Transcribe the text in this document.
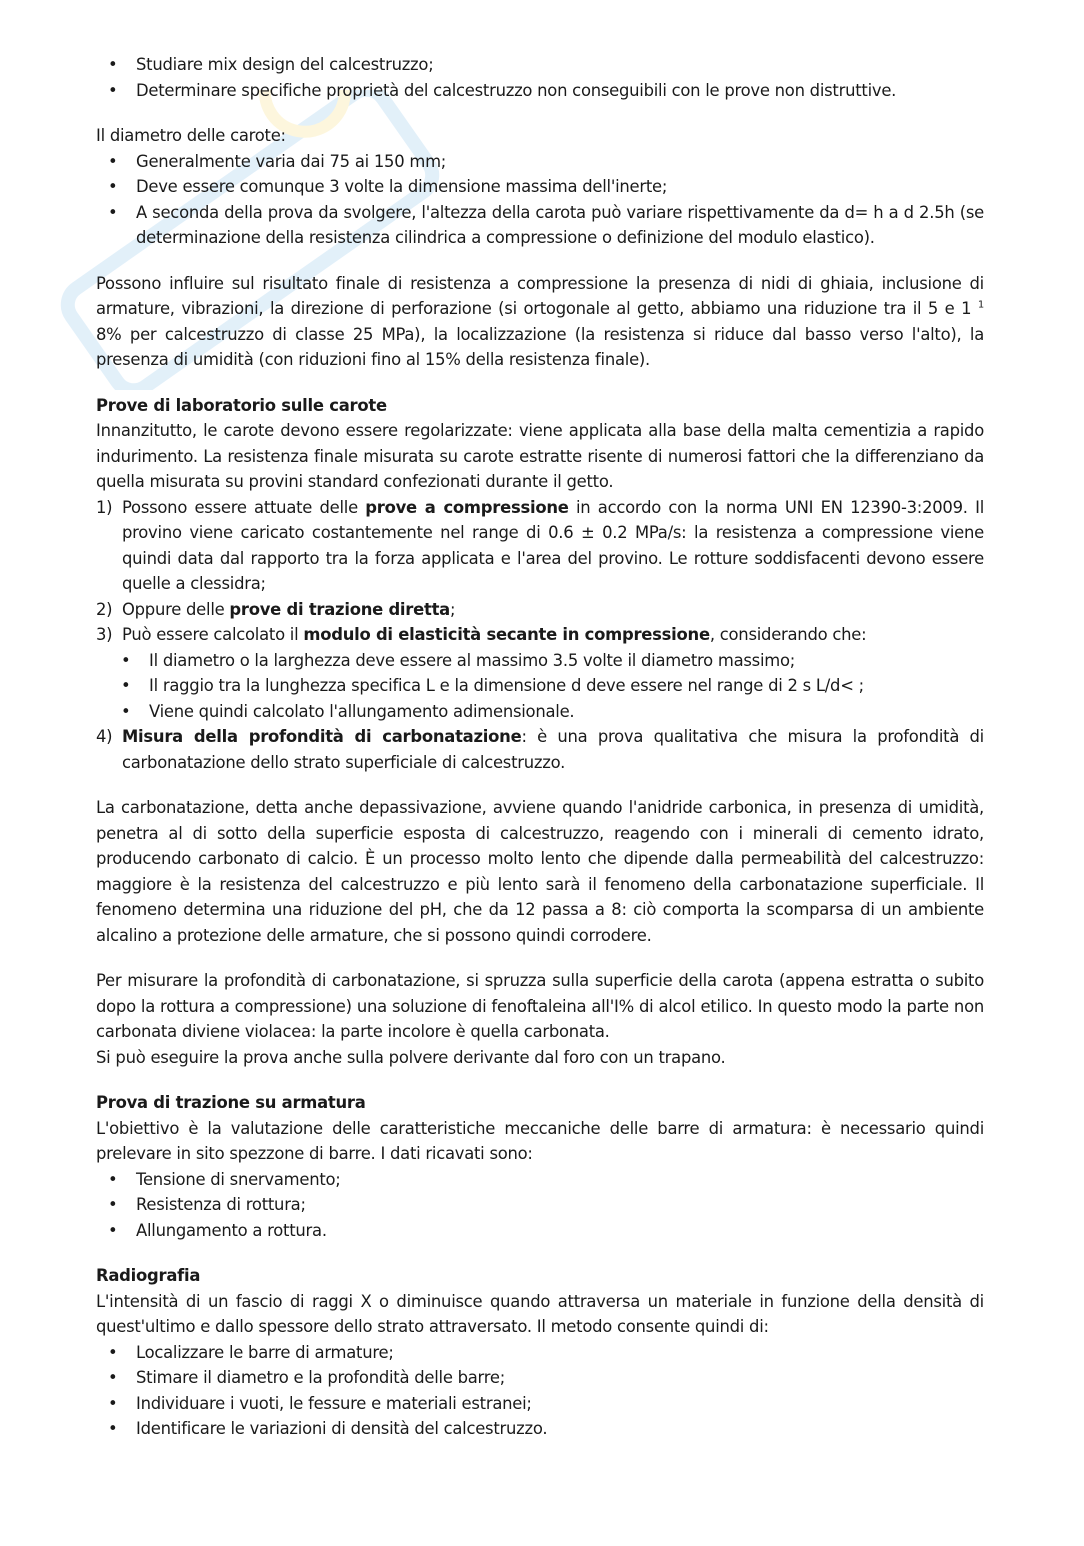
• Studiare mix design del calcestruzzo;
• Determinare specifiche proprietà del calcestruzzo non conseguibili con le prove non distruttive.

Il diametro delle carote:

• Generalmente varia dai 75 ai 150 mm;
• Deve essere comunque 3 volte la dimensione massima dell'inerte;
• A seconda della prova da svolgere, l'altezza della carota può variare rispettivamente da d= h a d 2.5h (se determinazione della resistenza cilindrica a compressione o definizione del modulo elastico).

Possono influire sul risultato finale di resistenza a compressione la presenza di nidi di ghiaia, inclusione di armature, vibrazioni, la direzione di perforazione (si ortogonale al getto, abbiamo una riduzione tra il 5 e 1 $^1$ 8% per calcestruzzo di classe 25 MPa), la localizzazione (la resistenza si riduce dal basso verso l'alto), la presenza di umidità (con riduzioni fino al 15% della resistenza finale).

Prove di laboratorio sulle carote

Innanzitutto, le carote devono essere regolarizzate: viene applicata alla base della malta cementizia a rapido indurimento. La resistenza finale misurata su carote estratte risente di numerosi fattori che la differenziano da quella misurata su provini standard confezionati durante il getto.

1) Possono essere attuate delle prove a compressione in accordo con la norma UNI EN 12390-3:2009. Il provino viene caricato costantemente nel range di 0.6 ± 0.2 MPa/s: la resistenza a compressione viene quindi data dal rapporto tra la forza applicata e l'area del provino. Le rotture soddisfacenti devono essere quelle a clessidra;
2) Oppure delle prove di trazione diretta;
3) Può essere calcolato il modulo di elasticità secante in compressione, considerando che:
• Il diametro o la larghezza deve essere al massimo 3.5 volte il diametro massimo;
• Il raggio tra la lunghezza specifica L e la dimensione d deve essere nel range di 2 s L/d< ;
• Viene quindi calcolato l'allungamento adimensionale.
4) Misura della profondità di carbonatazione: è una prova qualitativa che misura la profondità di carbonatazione dello strato superficiale di calcestruzzo.

La carbonatazione, detta anche depassivazione, avviene quando l'anidride carbonica, in presenza di umidità, penetra al di sotto della superficie esposta di calcestruzzo, reagendo con i minerali di cemento idrato, producendo carbonato di calcio. È un processo molto lento che dipende dalla permeabilità del calcestruzzo: maggiore è la resistenza del calcestruzzo e più lento sarà il fenomeno della carbonatazione superficiale. Il fenomeno determina una riduzione del pH, che da 12 passa a 8: ciò comporta la scomparsa di un ambiente alcalino a protezione delle armature, che si possono quindi corrodere.

Per misurare la profondità di carbonatazione, si spruzza sulla superficie della carota (appena estratta o subito dopo la rottura a compressione) una soluzione di fenoftaleina all'I% di alcol etilico. In questo modo la parte non carbonata diviene violacea: la parte incolore è quella carbonata.

Si può eseguire la prova anche sulla polvere derivante dal foro con un trapano.

Prova di trazione su armatura

L'obiettivo è la valutazione delle caratteristiche meccaniche delle barre di armatura: è necessario quindi prelevare in sito spezzone di barre. I dati ricavati sono:

• Tensione di snervamento;
• Resistenza di rottura;
• Allungamento a rottura.
Radiografia

L'intensità di un fascio di raggi X o diminuisce quando attraversa un materiale in funzione della densità di quest'ultimo e dallo spessore dello strato attraversato. Il metodo consente quindi di:

• Localizzare le barre di armature;
• Stimare il diametro e la profondità delle barre;
• Individuare i vuoti, le fessure e materiali estranei;
• Identificare le variazioni di densità del calcestruzzo.
